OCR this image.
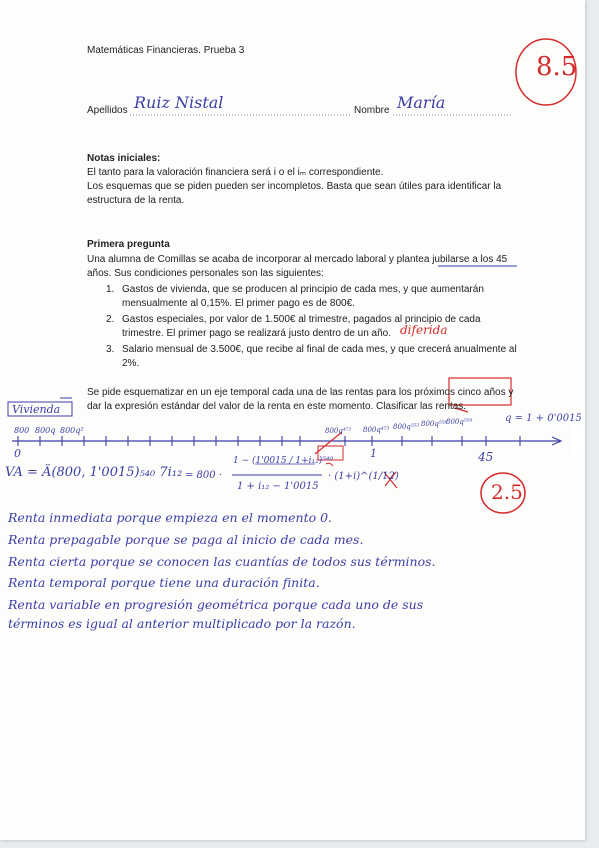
Matemáticas Financieras. Prueba 3
8.5
2.5
Apellidos Ruiz Nistal	Nombre María
Notas iniciales:
El tanto para la valoración financiera será i o el iₘ correspondiente.
Los esquemas que se piden pueden ser incompletos. Basta que sean útiles para identificar la
estructura de la renta.
Primera pregunta
Una alumna de Comillas se acaba de incorporar al mercado laboral y plantea jubilarse a los 45
años. Sus condiciones personales son las siguientes:
1. Gastos de vivienda, que se producen al principio de cada mes, y que aumentarán
mensualmente al 0,15%. El primer pago es de 800€.
2. Gastos especiales, por valor de 1.500€ al trimestre, pagados al principio de cada
trimestre. El primer pago se realizará justo dentro de un año. diferida
3. Salario mensual de 3.500€, que recibe al final de cada mes, y que crecerá anualmente al
2%.
Se pide esquematizar en un eje temporal cada una de las rentas para los próximos cinco años y
dar la expresión estándar del valor de la renta en este momento. Clasificar las rentas.
Vivienda
800 800q 800q²	800q⁴⁷² 800q⁴⁷³ 800q⁵⁵³ 800q⁵⁵⁸
800q⁵⁵⁹	q = 1 + 0'0015
0	1	45
VA = Ä(800, 1'0015)₅₄₀ 7i₁₂ = 800 ·
1 − (1'0015 / 1+i₁₂)⁵⁴⁰
1 + i₁₂ − 1'0015
· (1+i)^(1/12)
Renta inmediata porque empieza en el momento 0.
Renta prepagable porque se paga al inicio de cada mes.
Renta cierta porque se conocen las cuantías de todos sus términos.
Renta temporal porque tiene una duración finita.
Renta variable en progresión geométrica porque cada uno de sus
términos es igual al anterior multiplicado por la razón.
